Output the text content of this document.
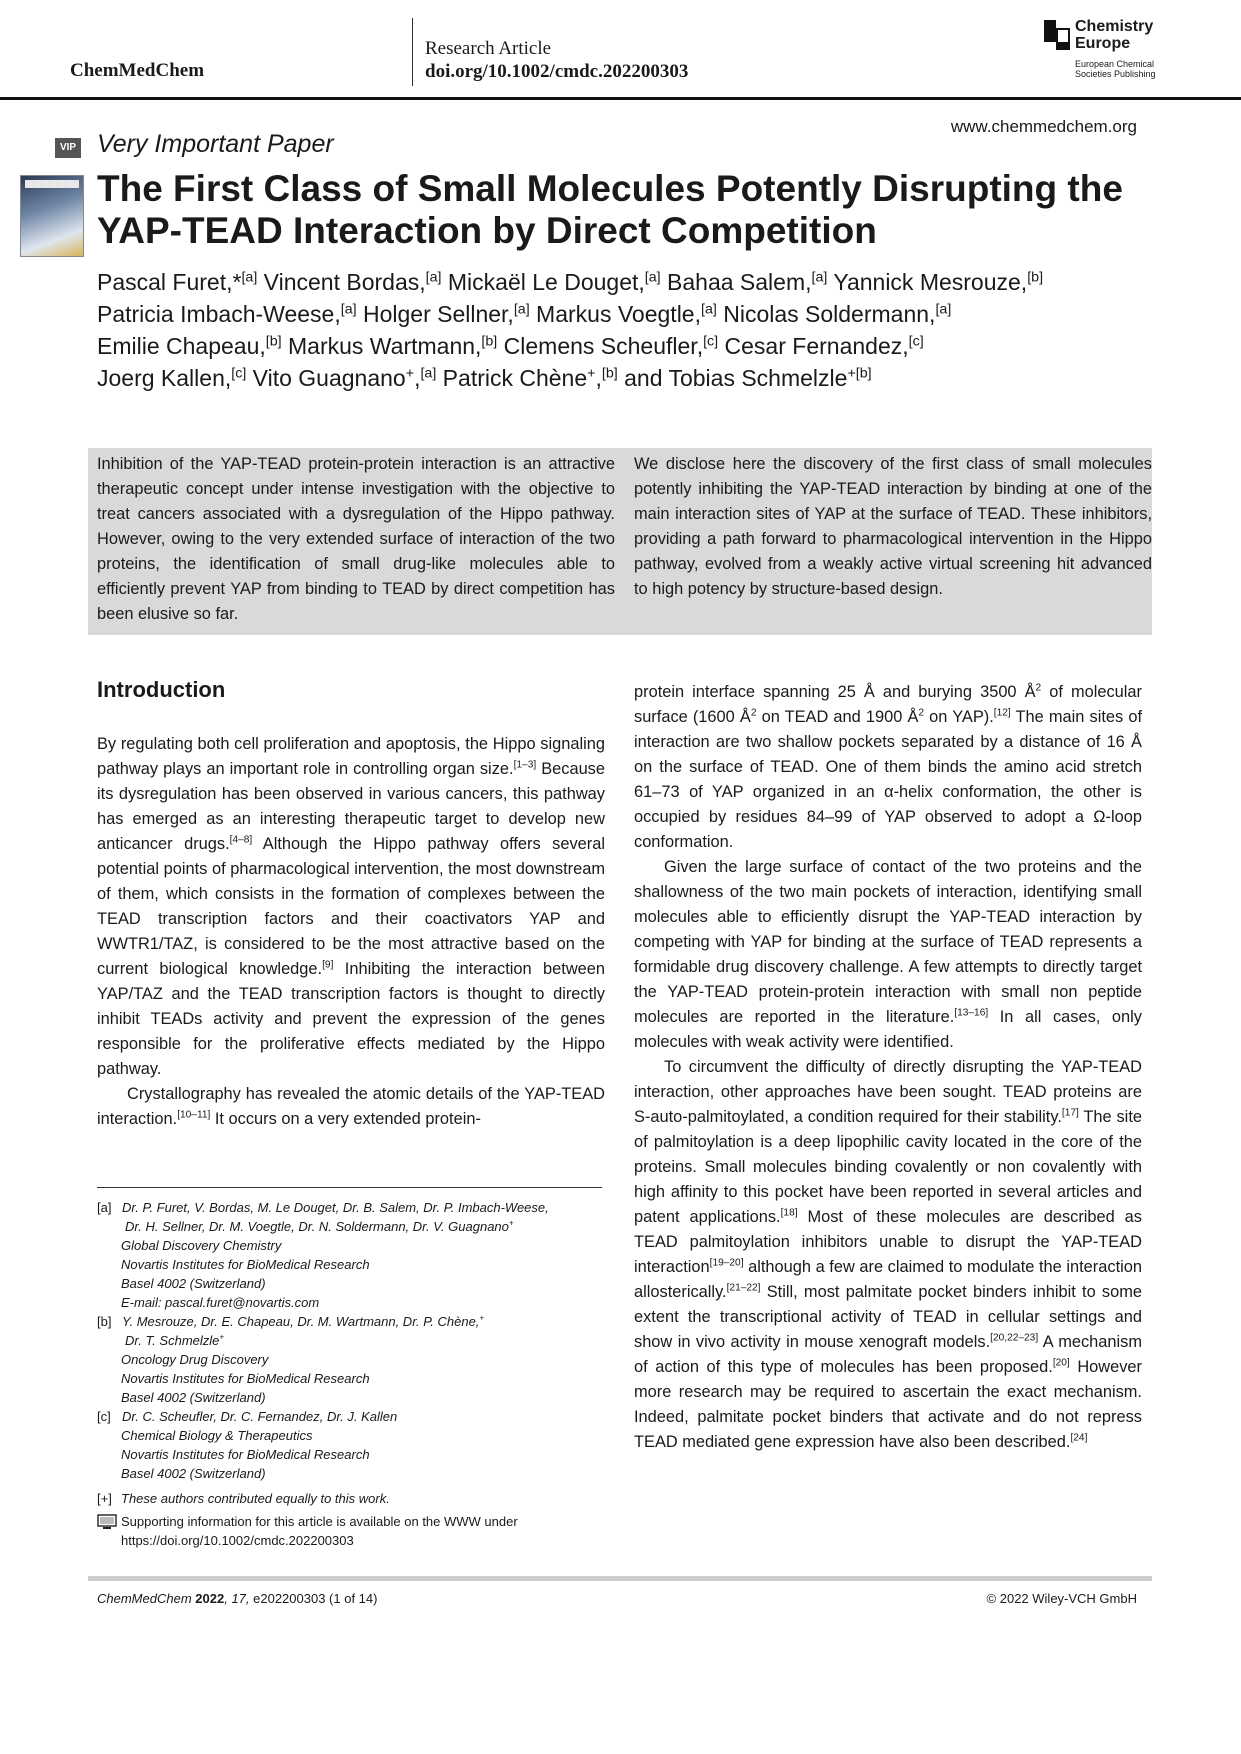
ChemMedChem
Research Article
doi.org/10.1002/cmdc.202200303
Chemistry
Europe
European Chemical
Societies Publishing
www.chemmedchem.org
VIP Very Important Paper
The First Class of Small Molecules Potently Disrupting the YAP-TEAD Interaction by Direct Competition
Pascal Furet,*[a] Vincent Bordas,[a] Mickaël Le Douget,[a] Bahaa Salem,[a] Yannick Mesrouze,[b]
Patricia Imbach-Weese,[a] Holger Sellner,[a] Markus Voegtle,[a] Nicolas Soldermann,[a]
Emilie Chapeau,[b] Markus Wartmann,[b] Clemens Scheufler,[c] Cesar Fernandez,[c]
Joerg Kallen,[c] Vito Guagnano+,[a] Patrick Chène+,[b] and Tobias Schmelzle$^{+[b]}$
Inhibition of the YAP-TEAD protein-protein interaction is an attractive therapeutic concept under intense investigation with the objective to treat cancers associated with a dysregulation of the Hippo pathway. However, owing to the very extended surface of interaction of the two proteins, the identification of small drug-like molecules able to efficiently prevent YAP from binding to TEAD by direct competition has been elusive so far.
We disclose here the discovery of the first class of small molecules potently inhibiting the YAP-TEAD interaction by binding at one of the main interaction sites of YAP at the surface of TEAD. These inhibitors, providing a path forward to pharmacological intervention in the Hippo pathway, evolved from a weakly active virtual screening hit advanced to high potency by structure-based design.
Introduction

By regulating both cell proliferation and apoptosis, the Hippo signaling pathway plays an important role in controlling organ size.[1–3] Because its dysregulation has been observed in various cancers, this pathway has emerged as an interesting therapeutic target to develop new anticancer drugs.[4–8] Although the Hippo pathway offers several potential points of pharmacological intervention, the most downstream of them, which consists in the formation of complexes between the TEAD transcription factors and their coactivators YAP and WWTR1/TAZ, is considered to be the most attractive based on the current biological knowledge.[9] Inhibiting the interaction between YAP/TAZ and the TEAD transcription factors is thought to directly inhibit TEADs activity and prevent the expression of the genes responsible for the proliferative effects mediated by the Hippo pathway.

Crystallography has revealed the atomic details of the YAP-TEAD interaction.[10–11] It occurs on a very extended protein-

protein interface spanning 25 Å and burying 3500 $Å^2$ of molecular surface (1600 $Å^2$ on TEAD and 1900 $Å^2$ on YAP).[12] The main sites of interaction are two shallow pockets separated by a distance of 16 Å on the surface of TEAD. One of them binds the amino acid stretch 61–73 of YAP organized in an α-helix conformation, the other is occupied by residues 84–99 of YAP observed to adopt a Ω-loop conformation.

Given the large surface of contact of the two proteins and the shallowness of the two main pockets of interaction, identifying small molecules able to efficiently disrupt the YAP-TEAD interaction by competing with YAP for binding at the surface of TEAD represents a formidable drug discovery challenge. A few attempts to directly target the YAP-TEAD protein-protein interaction with small non peptide molecules are reported in the literature.[13–16] In all cases, only molecules with weak activity were identified.

To circumvent the difficulty of directly disrupting the YAP-TEAD interaction, other approaches have been sought. TEAD proteins are S-auto-palmitoylated, a condition required for their stability.[17] The site of palmitoylation is a deep lipophilic cavity located in the core of the proteins. Small molecules binding covalently or non covalently with high affinity to this pocket have been reported in several articles and patent applications.[18] Most of these molecules are described as TEAD palmitoylation inhibitors unable to disrupt the YAP-TEAD interaction[19–20] although a few are claimed to modulate the interaction allosterically.[21–22] Still, most palmitate pocket binders inhibit to some extent the transcriptional activity of TEAD in cellular settings and show in vivo activity in mouse xenograft models.[20,22–23] A mechanism of action of this type of molecules has been proposed.[20] However more research may be required to ascertain the exact mechanism. Indeed, palmitate pocket binders that activate and do not repress TEAD mediated gene expression have also been described.[24]

[a] Dr. P. Furet, V. Bordas, M. Le Douget, Dr. B. Salem, Dr. P. Imbach-Weese,
Dr. H. Sellner, Dr. M. Voegtle, Dr. N. Soldermann, Dr. V. Guagnano+
Global Discovery Chemistry
Novartis Institutes for BioMedical Research
Basel 4002 (Switzerland)
E-mail: pascal.furet@novartis.com
[b] Y. Mesrouze, Dr. E. Chapeau, Dr. M. Wartmann, Dr. P. Chène,+
Dr. T. Schmelzle+
Oncology Drug Discovery
Novartis Institutes for BioMedical Research
Basel 4002 (Switzerland)
[c] Dr. C. Scheufler, Dr. C. Fernandez, Dr. J. Kallen
Chemical Biology & Therapeutics
Novartis Institutes for BioMedical Research
Basel 4002 (Switzerland)
[+] These authors contributed equally to this work.
Supporting information for this article is available on the WWW under https://doi.org/10.1002/cmdc.202200303
ChemMedChem 2022, 17, e202200303 (1 of 14)	© 2022 Wiley-VCH GmbH
